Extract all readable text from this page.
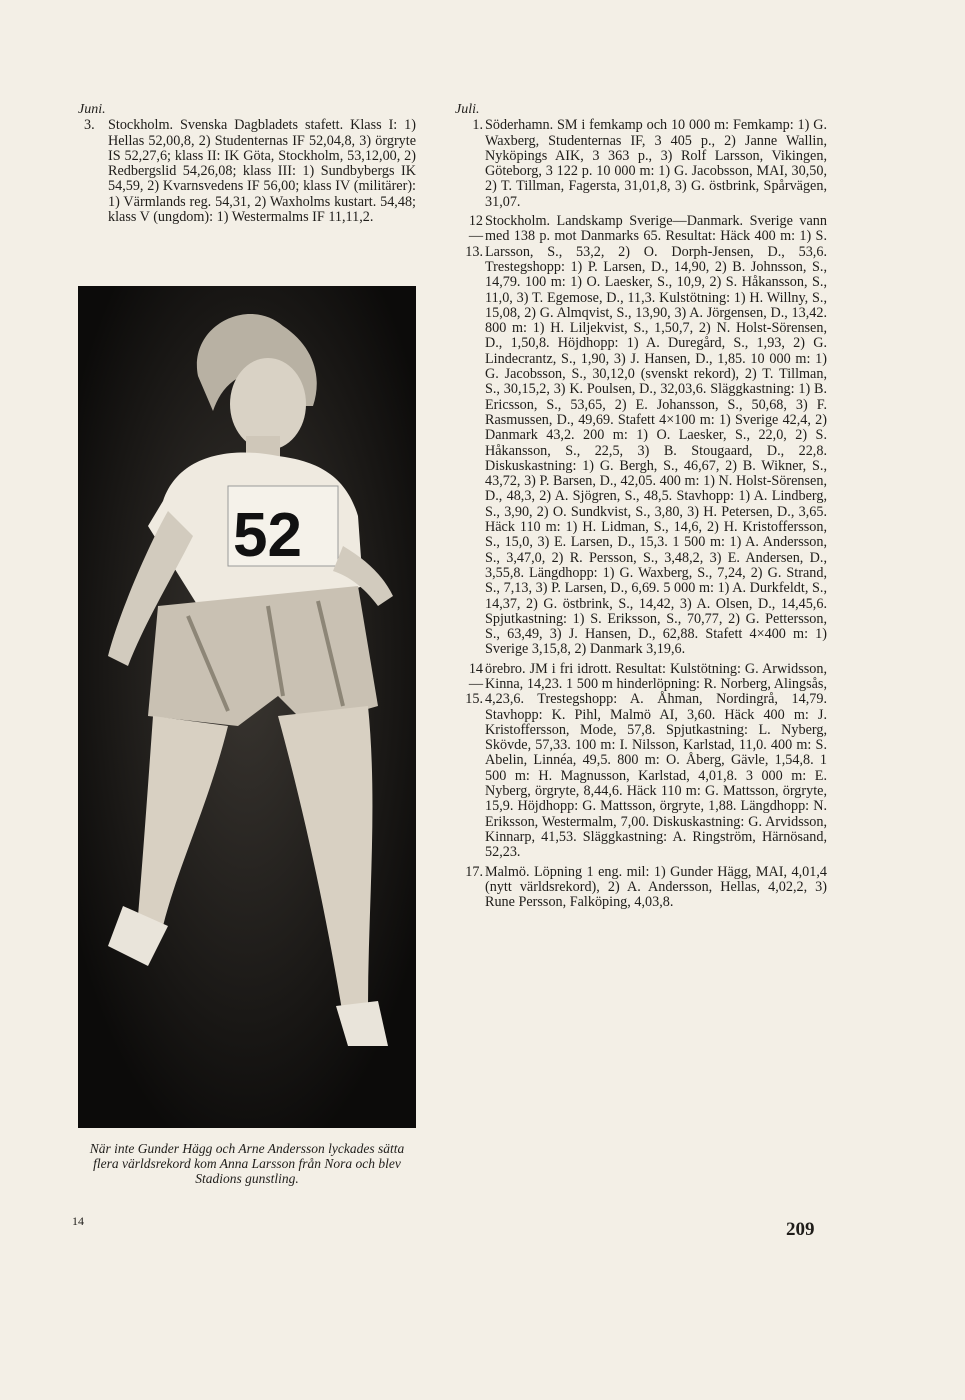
Juni.
3. Stockholm. Svenska Dagbladets stafett. Klass I: 1) Hellas 52,00,8, 2) Studenternas IF 52,04,8, 3) örgryte IS 52,27,6; klass II: IK Göta, Stockholm, 53,12,00, 2) Redbergslid 54,26,08; klass III: 1) Sundbybergs IK 54,59, 2) Kvarnsvedens IF 56,00; klass IV (militärer): 1) Värmlands reg. 54,31, 2) Waxholms kustart. 54,48; klass V (ungdom): 1) Westermalms IF 11,11,2.
52
När inte Gunder Hägg och Arne Andersson lyckades sätta flera världsrekord kom Anna Larsson från Nora och blev Stadions gunstling.
Juli.
1. Söderhamn. SM i femkamp och 10 000 m: Femkamp: 1) G. Waxberg, Studenternas IF, 3 405 p., 2) Janne Wallin, Nyköpings AIK, 3 363 p., 3) Rolf Larsson, Vikingen, Göteborg, 3 122 p. 10 000 m: 1) G. Jacobsson, MAI, 30,50, 2) T. Tillman, Fagersta, 31,01,8, 3) G. östbrink, Spårvägen, 31,07.
12—13.
Stockholm. Landskamp Sverige—Danmark. Sverige vann med 138 p. mot Danmarks 65. Resultat: Häck 400 m: 1) S. Larsson, S., 53,2, 2) O. Dorph-Jensen, D., 53,6. Trestegshopp: 1) P. Larsen, D., 14,90, 2) B. Johnsson, S., 14,79. 100 m: 1) O. Laesker, S., 10,9, 2) S. Håkansson, S., 11,0, 3) T. Egemose, D., 11,3. Kulstötning: 1) H. Willny, S., 15,08, 2) G. Almqvist, S., 13,90, 3) A. Jörgensen, D., 13,42. 800 m: 1) H. Liljekvist, S., 1,50,7, 2) N. Holst-Sörensen, D., 1,50,8. Höjdhopp: 1) A. Duregård, S., 1,93, 2) G. Lindecrantz, S., 1,90, 3) J. Hansen, D., 1,85. 10 000 m: 1) G. Jacobsson, S., 30,12,0 (svenskt rekord), 2) T. Tillman, S., 30,15,2, 3) K. Poulsen, D., 32,03,6. Släggkastning: 1) B. Ericsson, S., 53,65, 2) E. Johansson, S., 50,68, 3) F. Rasmussen, D., 49,69. Stafett 4×100 m: 1) Sverige 42,4, 2) Danmark 43,2. 200 m: 1) O. Laesker, S., 22,0, 2) S. Håkansson, S., 22,5, 3) B. Stougaard, D., 22,8. Diskuskastning: 1) G. Bergh, S., 46,67, 2) B. Wikner, S., 43,72, 3) P. Barsen, D., 42,05. 400 m: 1) N. Holst-Sörensen, D., 48,3, 2) A. Sjögren, S., 48,5. Stavhopp: 1) A. Lindberg, S., 3,90, 2) O. Sundkvist, S., 3,80, 3) H. Petersen, D., 3,65. Häck 110 m: 1) H. Lidman, S., 14,6, 2) H. Kristoffersson, S., 15,0, 3) E. Larsen, D., 15,3. 1 500 m: 1) A. Andersson, S., 3,47,0, 2) R. Persson, S., 3,48,2, 3) E. Andersen, D., 3,55,8. Längdhopp: 1) G. Waxberg, S., 7,24, 2) G. Strand, S., 7,13, 3) P. Larsen, D., 6,69. 5 000 m: 1) A. Durkfeldt, S., 14,37, 2) G. östbrink, S., 14,42, 3) A. Olsen, D., 14,45,6. Spjutkastning: 1) S. Eriksson, S., 70,77, 2) G. Pettersson, S., 63,49, 3) J. Hansen, D., 62,88. Stafett 4×400 m: 1) Sverige 3,15,8, 2) Danmark 3,19,6.
14—15.
örebro. JM i fri idrott. Resultat: Kulstötning: G. Arwidsson, Kinna, 14,23. 1 500 m hinderlöpning: R. Norberg, Alingsås, 4,23,6. Trestegshopp: A. Åhman, Nordingrå, 14,79. Stavhopp: K. Pihl, Malmö AI, 3,60. Häck 400 m: J. Kristoffersson, Mode, 57,8. Spjutkastning: L. Nyberg, Skövde, 57,33. 100 m: I. Nilsson, Karlstad, 11,0. 400 m: S. Abelin, Linnéa, 49,5. 800 m: O. Åberg, Gävle, 1,54,8. 1 500 m: H. Magnusson, Karlstad, 4,01,8. 3 000 m: E. Nyberg, örgryte, 8,44,6. Häck 110 m: G. Mattsson, örgryte, 15,9. Höjdhopp: G. Mattsson, örgryte, 1,88. Längdhopp: N. Eriksson, Westermalm, 7,00. Diskuskastning: G. Arvidsson, Kinnarp, 41,53. Släggkastning: A. Ringström, Härnösand, 52,23.
17. Malmö. Löpning 1 eng. mil: 1) Gunder Hägg, MAI, 4,01,4 (nytt världsrekord), 2) A. Andersson, Hellas, 4,02,2, 3) Rune Persson, Falköping, 4,03,8.
14	209
